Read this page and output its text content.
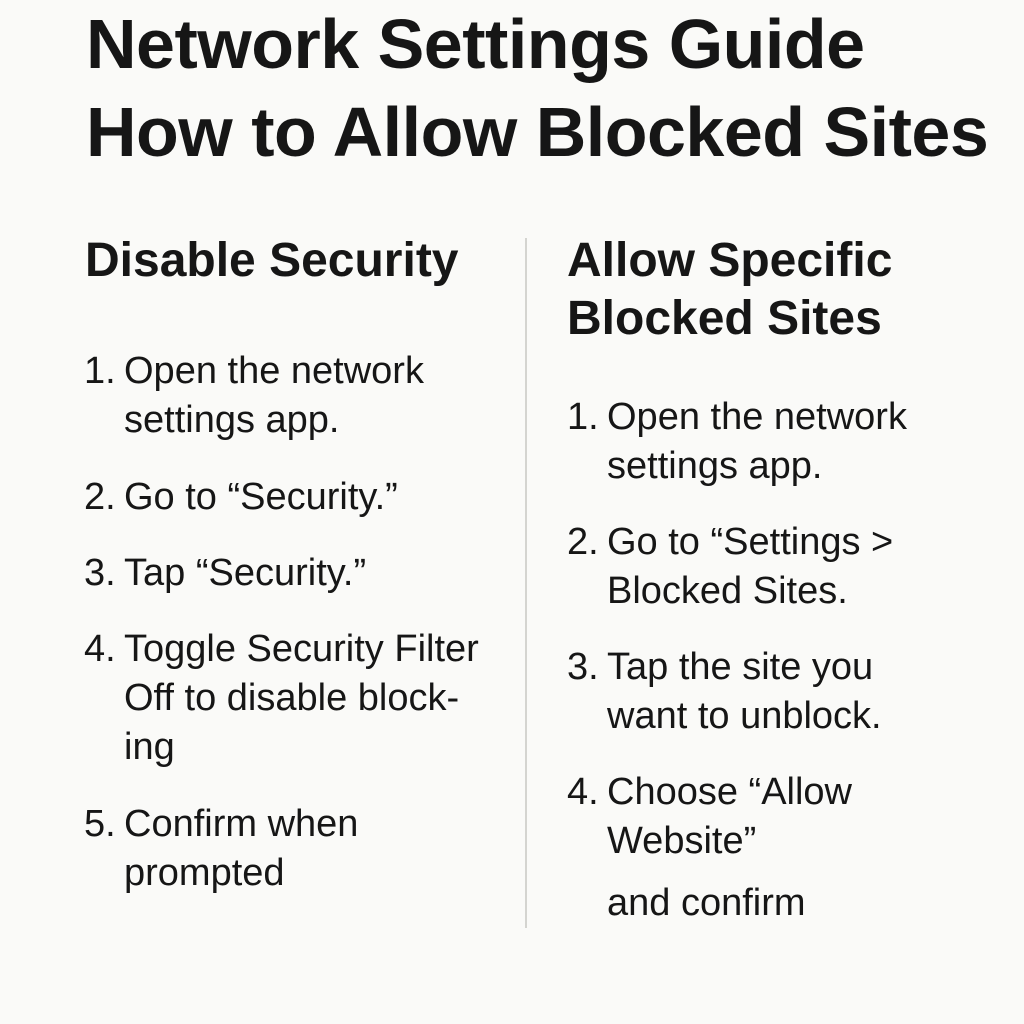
Network Settings Guide
How to Allow Blocked Sites
Disable Security Allow Specific
Blocked Sites
1. Open the network
settings app.
2. Go to “Security.”
3. Tap “Security.”
4. Toggle Security Filter
Off to disable block-
ing
5. Confirm when
prompted
1. Open the network
settings app.
2. Go to “Settings >
Blocked Sites.
3. Tap the site you
want to unblock.
4. Choose “Allow
Website”
and confirm
